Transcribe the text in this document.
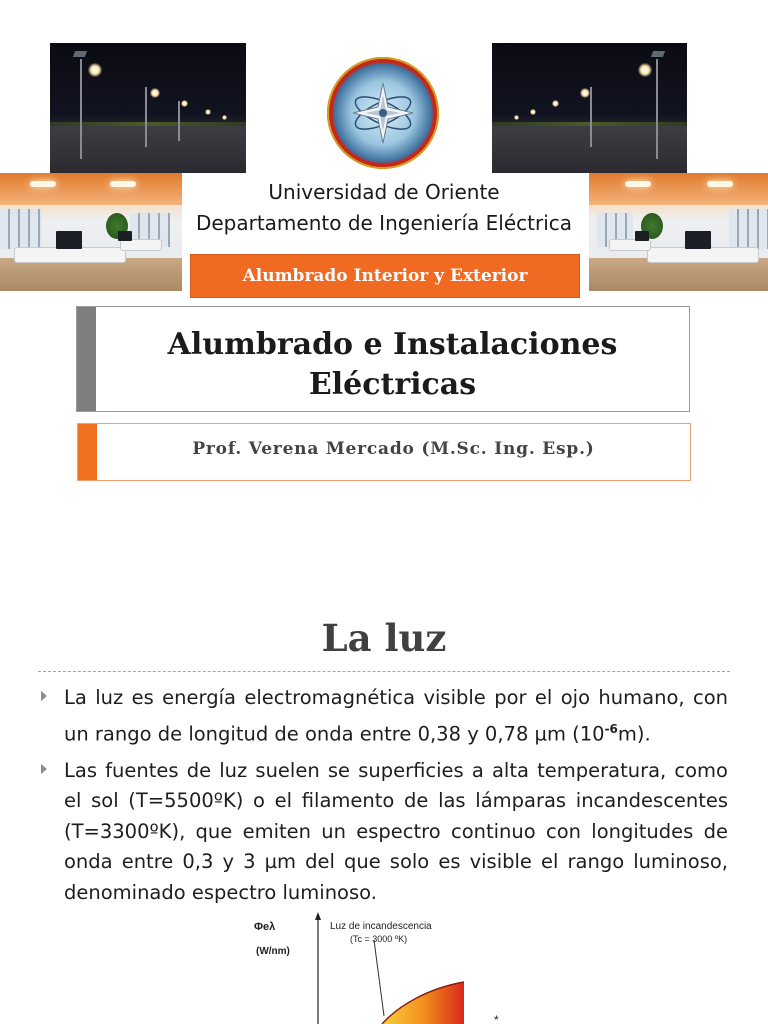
Universidad de Oriente
Departamento de Ingeniería Eléctrica
Alumbrado Interior y Exterior
Alumbrado e Instalaciones
Eléctricas
Prof. Verena Mercado (M.Sc. Ing. Esp.)
La luz

La luz es energía electromagnética visible por el ojo humano, con un rango de longitud de onda entre 0,38 y 0,78 µm $(10^{-6}m)$.

Las fuentes de luz suelen se superficies a alta temperatura, como el sol (T=5500ºK) o el filamento de las lámparas incandescentes (T=3300ºK), que emiten un espectro continuo con longitudes de onda entre 0,3 y 3 µm del que solo es visible el rango luminoso, denominado espectro luminoso.

Φeλ
(W/nm)
Luz de incandescencia
(Tc = 3000 ºK)
*
